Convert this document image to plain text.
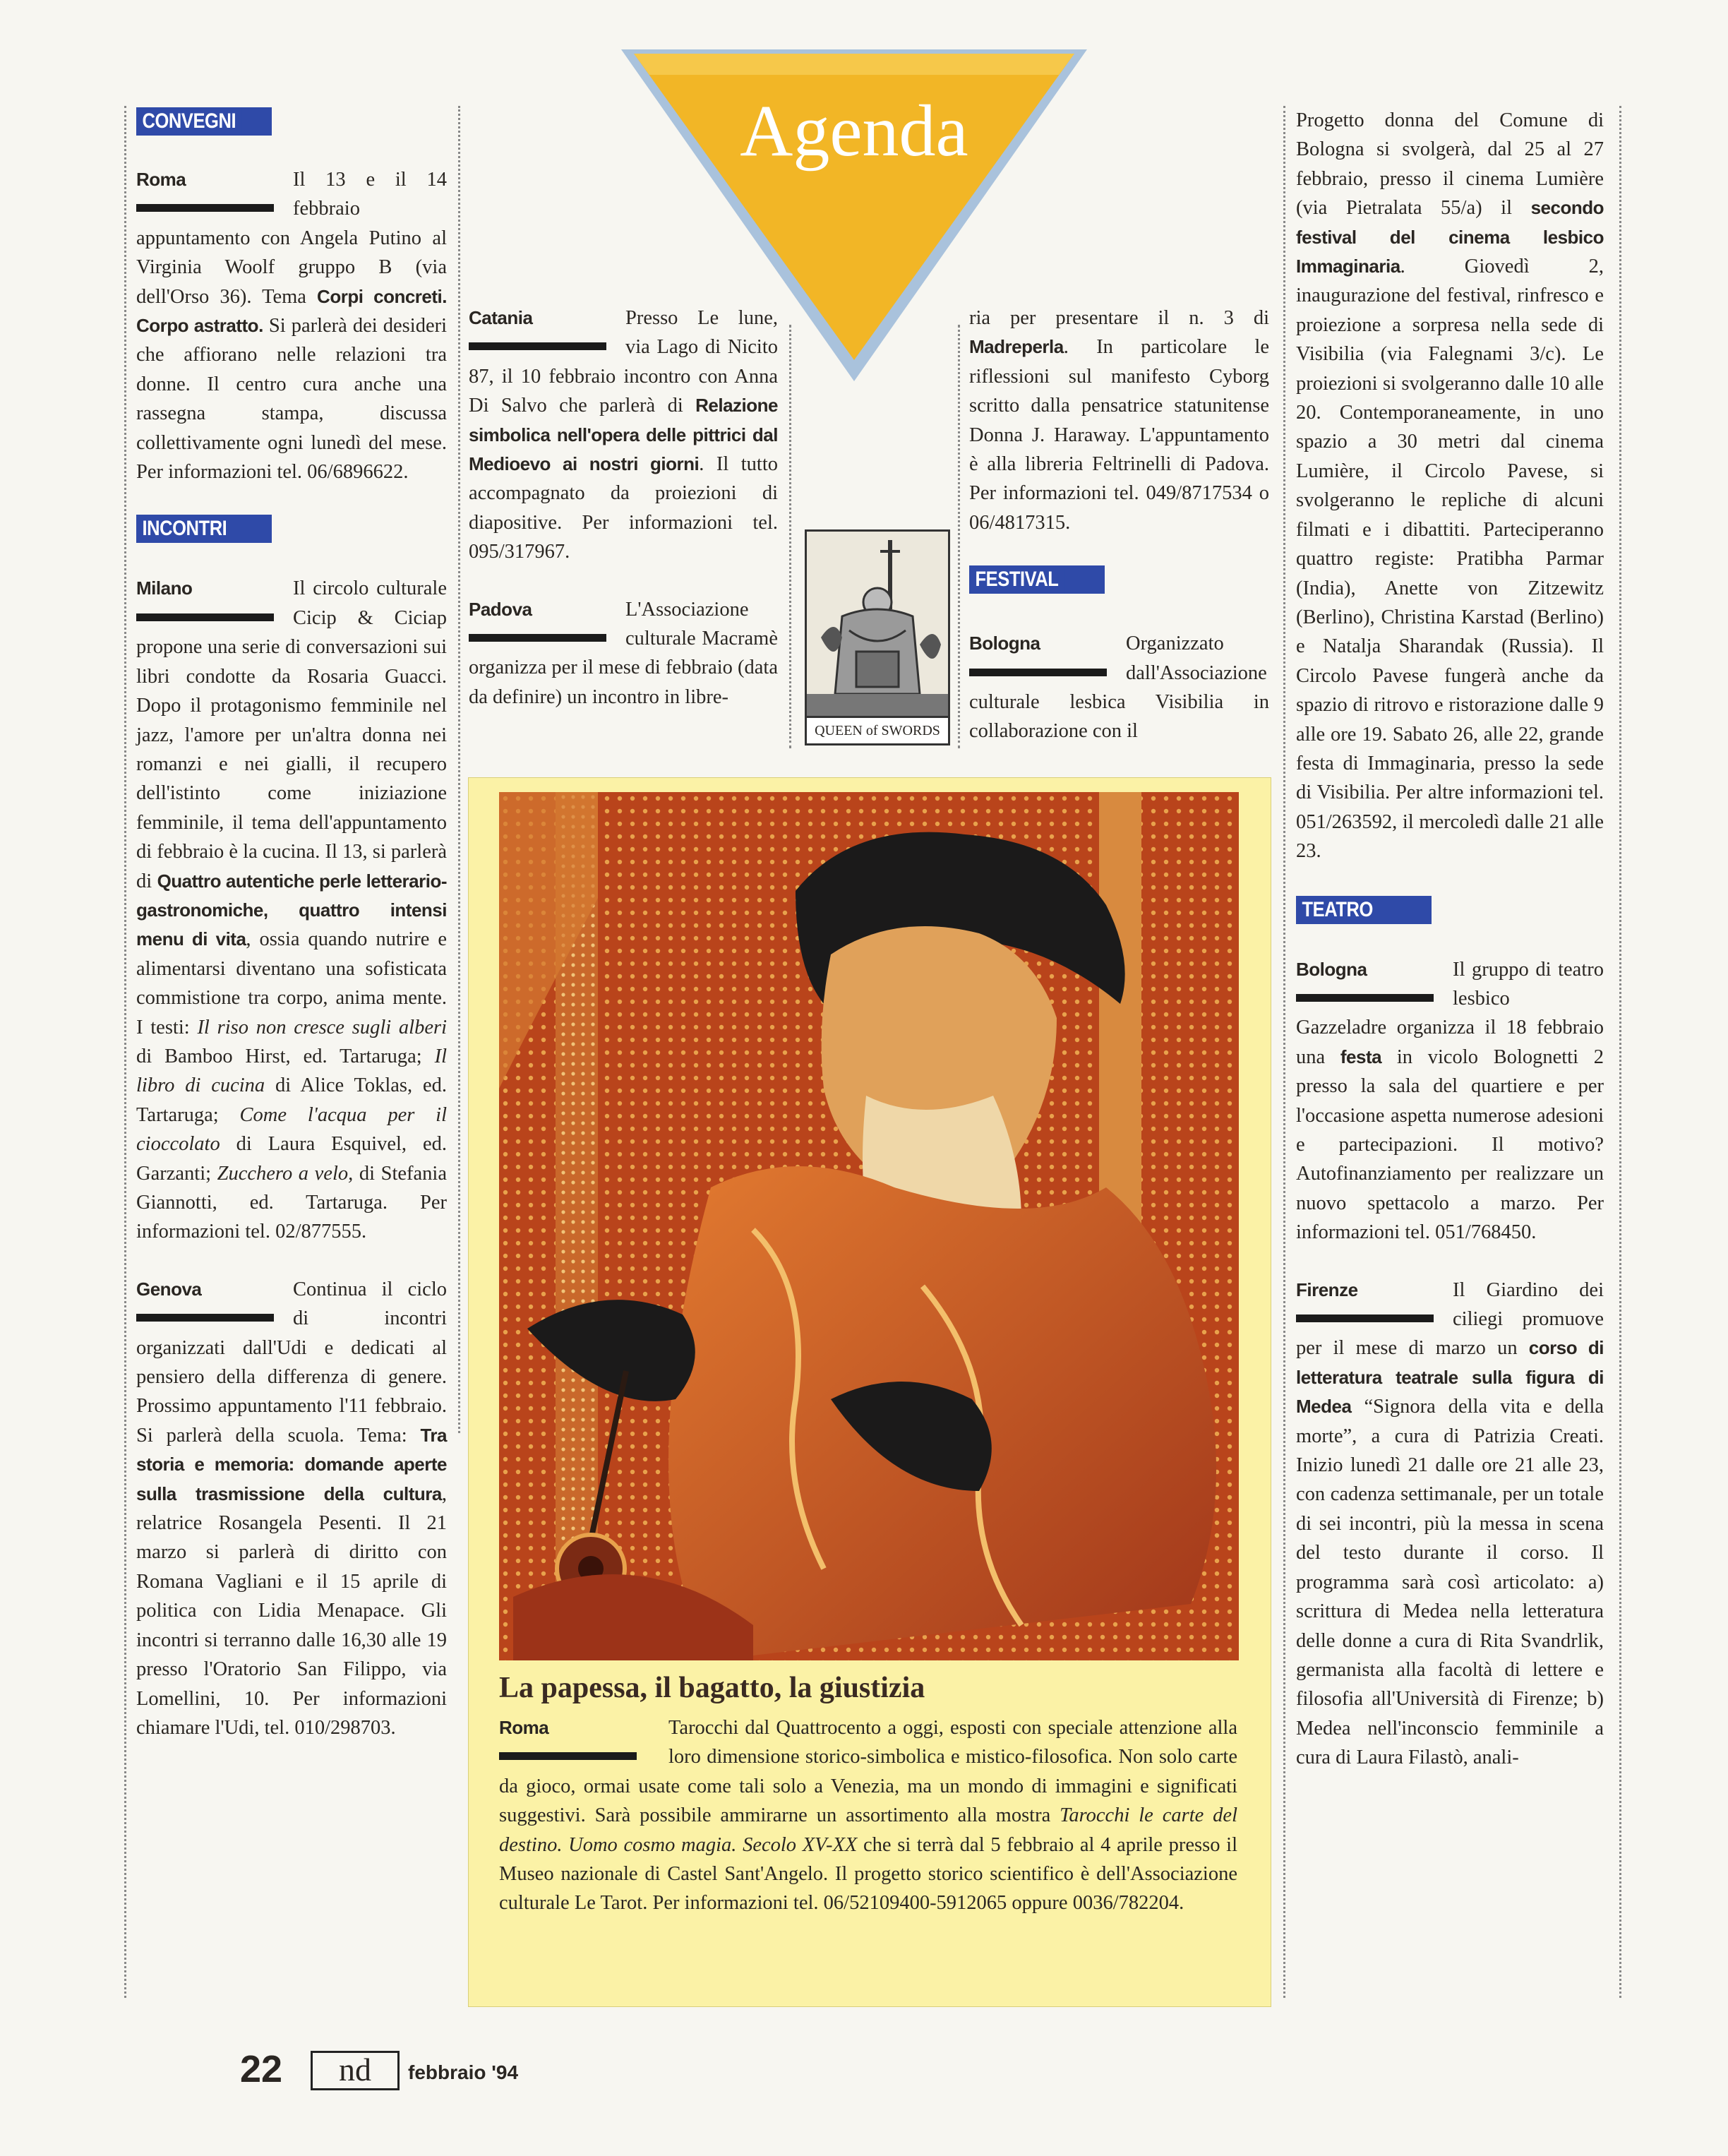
Agenda
CONVEGNI
Roma	Il 13 e il 14 febbraio appuntamento con Angela Putino al Virginia Woolf gruppo B (via dell'Orso 36). Tema Corpi concreti. Corpo astratto. Si parlerà dei desideri che affiorano nelle relazioni tra donne. Il centro cura anche una rassegna stampa, discussa collettivamente ogni lunedì del mese. Per informazioni tel. 06/6896622.

INCONTRI
Milano	Il circolo culturale Cicip & Ciciap propone una serie di conversazioni sui libri condotte da Rosaria Guacci. Dopo il protagonismo femminile nel jazz, l'amore per un'altra donna nei romanzi e nei gialli, il recupero dell'istinto come iniziazione femminile, il tema dell'appuntamento di febbraio è la cucina. Il 13, si parlerà di Quattro autentiche perle letterario-gastronomiche, quattro intensi menu di vita, ossia quando nutrire e alimentarsi diventano una sofisticata commistione tra corpo, anima mente. I testi: Il riso non cresce sugli alberi di Bamboo Hirst, ed. Tartaruga; Il libro di cucina di Alice Toklas, ed. Tartaruga; Come l'acqua per il cioccolato di Laura Esquivel, ed. Garzanti; Zucchero a velo, di Stefania Giannotti, ed. Tartaruga. Per informazioni tel. 02/877555.

Genova	Continua il ciclo di incontri organizzati dall'Udi e dedicati al pensiero della differenza di genere. Prossimo appuntamento l'11 febbraio. Si parlerà della scuola. Tema: Tra storia e memoria: domande aperte sulla trasmissione della cultura, relatrice Rosangela Pesenti. Il 21 marzo si parlerà di diritto con Romana Vagliani e il 15 aprile di politica con Lidia Menapace. Gli incontri si terranno dalle 16,30 alle 19 presso l'Oratorio San Filippo, via Lomellini, 10. Per informazioni chiamare l'Udi, tel. 010/298703.

Catania	Presso Le lune, via Lago di Nicito 87, il 10 febbraio incontro con Anna Di Salvo che parlerà di Relazione simbolica nell'opera delle pittrici dal Medioevo ai nostri giorni. Il tutto accompagnato da proiezioni di diapositive. Per informazioni tel. 095/317967.

Padova	L'Associazione culturale Macramè organizza per il mese di febbraio (data da definire) un incontro in libre-

QUEEN of SWORDS

ria per presentare il n. 3 di Madreperla. In particolare le riflessioni sul manifesto Cyborg scritto dalla pensatrice statunitense Donna J. Haraway. L'appuntamento è alla libreria Feltrinelli di Padova. Per informazioni tel. 049/8717534 o 06/4817315.

FESTIVAL
Bologna	Organizzato dall'Associazione culturale lesbica Visibilia in collaborazione con il

La papessa, il bagatto, la giustizia
Roma	Tarocchi dal Quattrocento a oggi, esposti con speciale attenzione alla loro dimensione storico-simbolica e mistico-filosofica. Non solo carte da gioco, ormai usate come tali solo a Venezia, ma un mondo di immagini e significati suggestivi. Sarà possibile ammirarne un assortimento alla mostra Tarocchi le carte del destino. Uomo cosmo magia. Secolo XV-XX che si terrà dal 5 febbraio al 4 aprile presso il Museo nazionale di Castel Sant'Angelo. Il progetto storico scientifico è dell'Associazione culturale Le Tarot. Per informazioni tel. 06/52109400-5912065 oppure 0036/782204.

Progetto donna del Comune di Bologna si svolgerà, dal 25 al 27 febbraio, presso il cinema Lumière (via Pietralata 55/a) il secondo festival del cinema lesbico Immaginaria. Giovedì 2, inaugurazione del festival, rinfresco e proiezione a sorpresa nella sede di Visibilia (via Falegnami 3/c). Le proiezioni si svolgeranno dalle 10 alle 20. Contemporaneamente, in uno spazio a 30 metri dal cinema Lumière, il Circolo Pavese, si svolgeranno le repliche di alcuni filmati e i dibattiti. Parteciperanno quattro registe: Pratibha Parmar (India), Anette von Zitzewitz (Berlino), Christina Karstad (Berlino) e Natalja Sharandak (Russia). Il Circolo Pavese fungerà anche da spazio di ritrovo e ristorazione dalle 9 alle ore 19. Sabato 26, alle 22, grande festa di Immaginaria, presso la sede di Visibilia. Per altre informazioni tel. 051/263592, il mercoledì dalle 21 alle 23.

TEATRO
Bologna	Il gruppo di teatro lesbico Gazzeladre organizza il 18 febbraio una festa in vicolo Bolognetti 2 presso la sala del quartiere e per l'occasione aspetta numerose adesioni e partecipazioni. Il motivo? Autofinanziamento per realizzare un nuovo spettacolo a marzo. Per informazioni tel. 051/768450.

Firenze	Il Giardino dei ciliegi promuove per il mese di marzo un corso di letteratura teatrale sulla figura di Medea “Signora della vita e della morte”, a cura di Patrizia Creati. Inizio lunedì 21 dalle ore 21 alle 23, con cadenza settimanale, per un totale di sei incontri, più la messa in scena del testo durante il corso. Il programma sarà così articolato: a) scrittura di Medea nella letteratura delle donne a cura di Rita Svandrlik, germanista alla facoltà di lettere e filosofia all'Università di Firenze; b) Medea nell'inconscio femminile a cura di Laura Filastò, anali-

22	nd	febbraio '94
